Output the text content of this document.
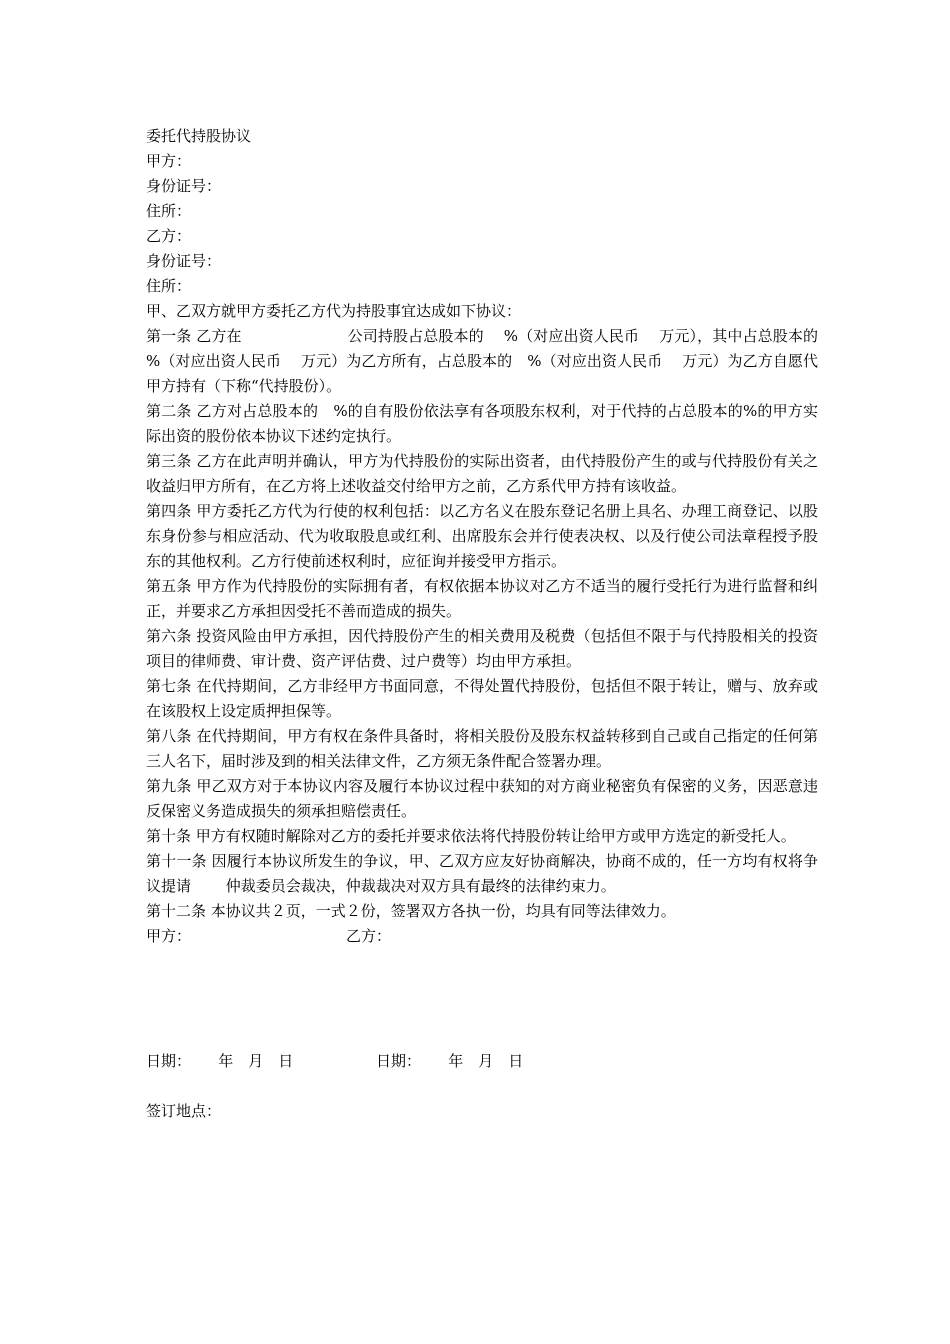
委托代持股协议
甲方：
身份证号：
住所：
乙方：
身份证号：
住所：
甲、乙双方就甲方委托乙方代为持股事宜达成如下协议：
第一条 乙方在　　　　　　　公司持股占总股本的　 %（对应出资人民币　 万元），其中占总股本的 %（对应出资人民币　 万元）为乙方所有，占总股本的　%（对应出资人民币　 万元）为乙方自愿代甲方持有（下称“代持股份）。
第二条 乙方对占总股本的　%的自有股份依法享有各项股东权利，对于代持的占总股本的%的甲方实际出资的股份依本协议下述约定执行。
第三条 乙方在此声明并确认，甲方为代持股份的实际出资者，由代持股份产生的或与代持股份有关之收益归甲方所有，在乙方将上述收益交付给甲方之前，乙方系代甲方持有该收益。
第四条 甲方委托乙方代为行使的权利包括：以乙方名义在股东登记名册上具名、办理工商登记、以股东身份参与相应活动、代为收取股息或红利、出席股东会并行使表决权、以及行使公司法章程授予股东的其他权利。乙方行使前述权利时，应征询并接受甲方指示。
第五条 甲方作为代持股份的实际拥有者，有权依据本协议对乙方不适当的履行受托行为进行监督和纠正，并要求乙方承担因受托不善而造成的损失。
第六条 投资风险由甲方承担，因代持股份产生的相关费用及税费（包括但不限于与代持股相关的投资项目的律师费、审计费、资产评估费、过户费等）均由甲方承担。
第七条 在代持期间，乙方非经甲方书面同意，不得处置代持股份，包括但不限于转让，赠与、放弃或在该股权上设定质押担保等。
第八条 在代持期间，甲方有权在条件具备时，将相关股份及股东权益转移到自己或自己指定的任何第三人名下，届时涉及到的相关法律文件，乙方须无条件配合签署办理。
第九条 甲乙双方对于本协议内容及履行本协议过程中获知的对方商业秘密负有保密的义务，因恶意违反保密义务造成损失的须承担赔偿责任。
第十条 甲方有权随时解除对乙方的委托并要求依法将代持股份转让给甲方或甲方选定的新受托人。
第十一条 因履行本协议所发生的争议，甲、乙双方应友好协商解决，协商不成的，任一方均有权将争议提请　　 仲裁委员会裁决，仲裁裁决对双方具有最终的法律约束力。
第十二条 本协议共２页，一式２份，签署双方各执一份，均具有同等法律效力。
甲方：	乙方：
日期：　　 年　月　日	日期：　　 年　月　日
签订地点：
